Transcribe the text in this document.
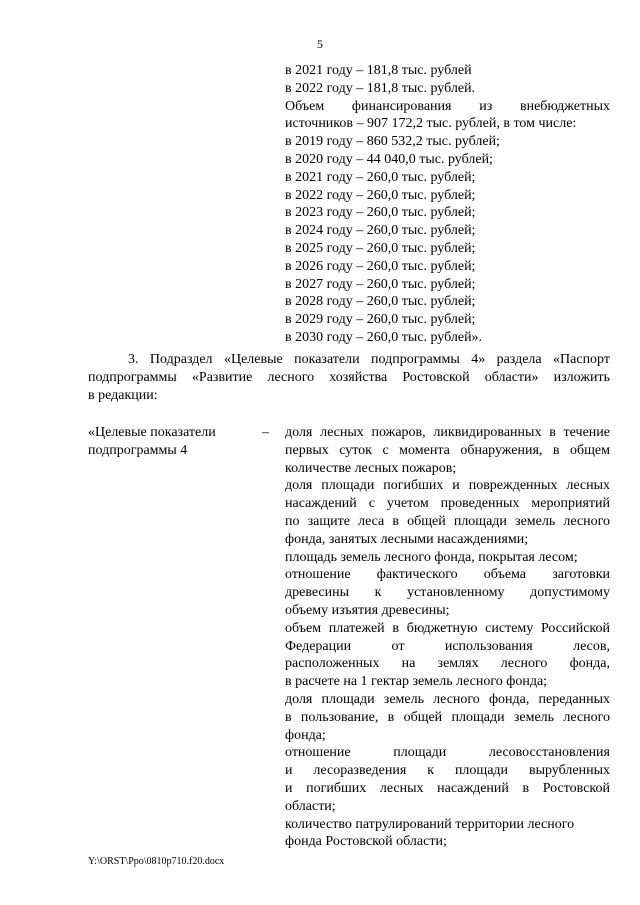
5
в 2021 году – 181,8 тыс. рублей
в 2022 году – 181,8 тыс. рублей.
Объем финансирования из внебюджетных
источников – 907 172,2 тыс. рублей, в том числе:
в 2019 году – 860 532,2 тыс. рублей;
в 2020 году – 44 040,0 тыс. рублей;
в 2021 году – 260,0 тыс. рублей;
в 2022 году – 260,0 тыс. рублей;
в 2023 году – 260,0 тыс. рублей;
в 2024 году – 260,0 тыс. рублей;
в 2025 году – 260,0 тыс. рублей;
в 2026 году – 260,0 тыс. рублей;
в 2027 году – 260,0 тыс. рублей;
в 2028 году – 260,0 тыс. рублей;
в 2029 году – 260,0 тыс. рублей;
в 2030 году – 260,0 тыс. рублей».
3. Подраздел «Целевые показатели подпрограммы 4» раздела «Паспорт
подпрограммы «Развитие лесного хозяйства Ростовской области» изложить
в редакции:
«Целевые показатели
подпрограммы 4
– доля лесных пожаров, ликвидированных в течение
первых суток с момента обнаружения, в общем
количестве лесных пожаров;
доля площади погибших и поврежденных лесных
насаждений с учетом проведенных мероприятий
по защите леса в общей площади земель лесного
фонда, занятых лесными насаждениями;
площадь земель лесного фонда, покрытая лесом;
отношение фактического объема заготовки
древесины к установленному допустимому
объему изъятия древесины;
объем платежей в бюджетную систему Российской
Федерации от использования лесов,
расположенных на землях лесного фонда,
в расчете на 1 гектар земель лесного фонда;
доля площади земель лесного фонда, переданных
в пользование, в общей площади земель лесного
фонда;
отношение площади лесовосстановления
и лесоразведения к площади вырубленных
и погибших лесных насаждений в Ростовской
области;
количество патрулирований территории лесного
фонда Ростовской области;
Y:\ORST\Ppo\0810p710.f20.docx
